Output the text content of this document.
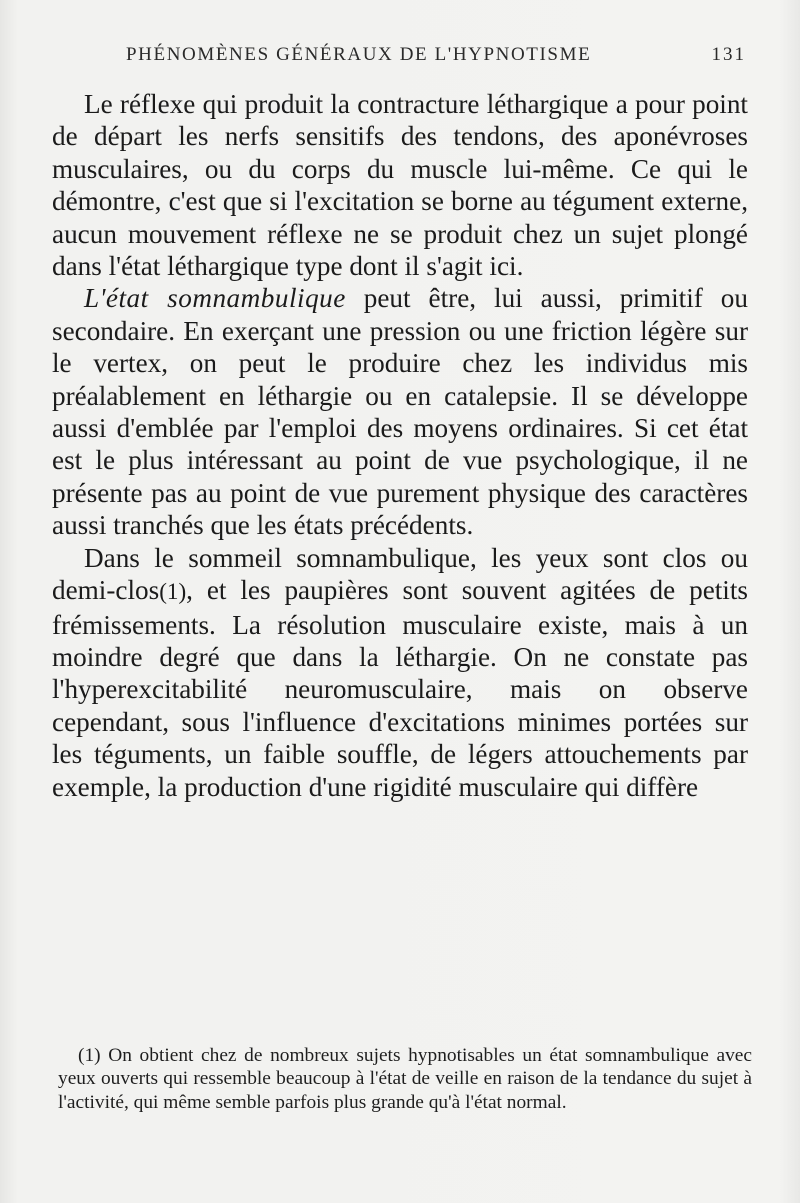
PHÉNOMÈNES GÉNÉRAUX DE L'HYPNOTISME	131

Le réflexe qui produit la contracture léthargique a pour point de départ les nerfs sensitifs des tendons, des aponévroses musculaires, ou du corps du muscle lui-même. Ce qui le démontre, c'est que si l'excitation se borne au tégument externe, aucun mouvement réflexe ne se produit chez un sujet plongé dans l'état léthargique type dont il s'agit ici.

L'état somnambulique peut être, lui aussi, primitif ou secondaire. En exerçant une pression ou une friction légère sur le vertex, on peut le produire chez les individus mis préalablement en léthargie ou en catalepsie. Il se développe aussi d'emblée par l'emploi des moyens ordinaires. Si cet état est le plus intéressant au point de vue psychologique, il ne présente pas au point de vue purement physique des caractères aussi tranchés que les états précédents.

Dans le sommeil somnambulique, les yeux sont clos ou demi-clos(1), et les paupières sont souvent agitées de petits frémissements. La résolution musculaire existe, mais à un moindre degré que dans la léthargie. On ne constate pas l'hyperexcitabilité neuromusculaire, mais on observe cependant, sous l'influence d'excitations minimes portées sur les téguments, un faible souffle, de légers attouchements par exemple, la production d'une rigidité musculaire qui diffère

(1) On obtient chez de nombreux sujets hypnotisables un état somnambulique avec yeux ouverts qui ressemble beaucoup à l'état de veille en raison de la tendance du sujet à l'activité, qui même semble parfois plus grande qu'à l'état normal.
